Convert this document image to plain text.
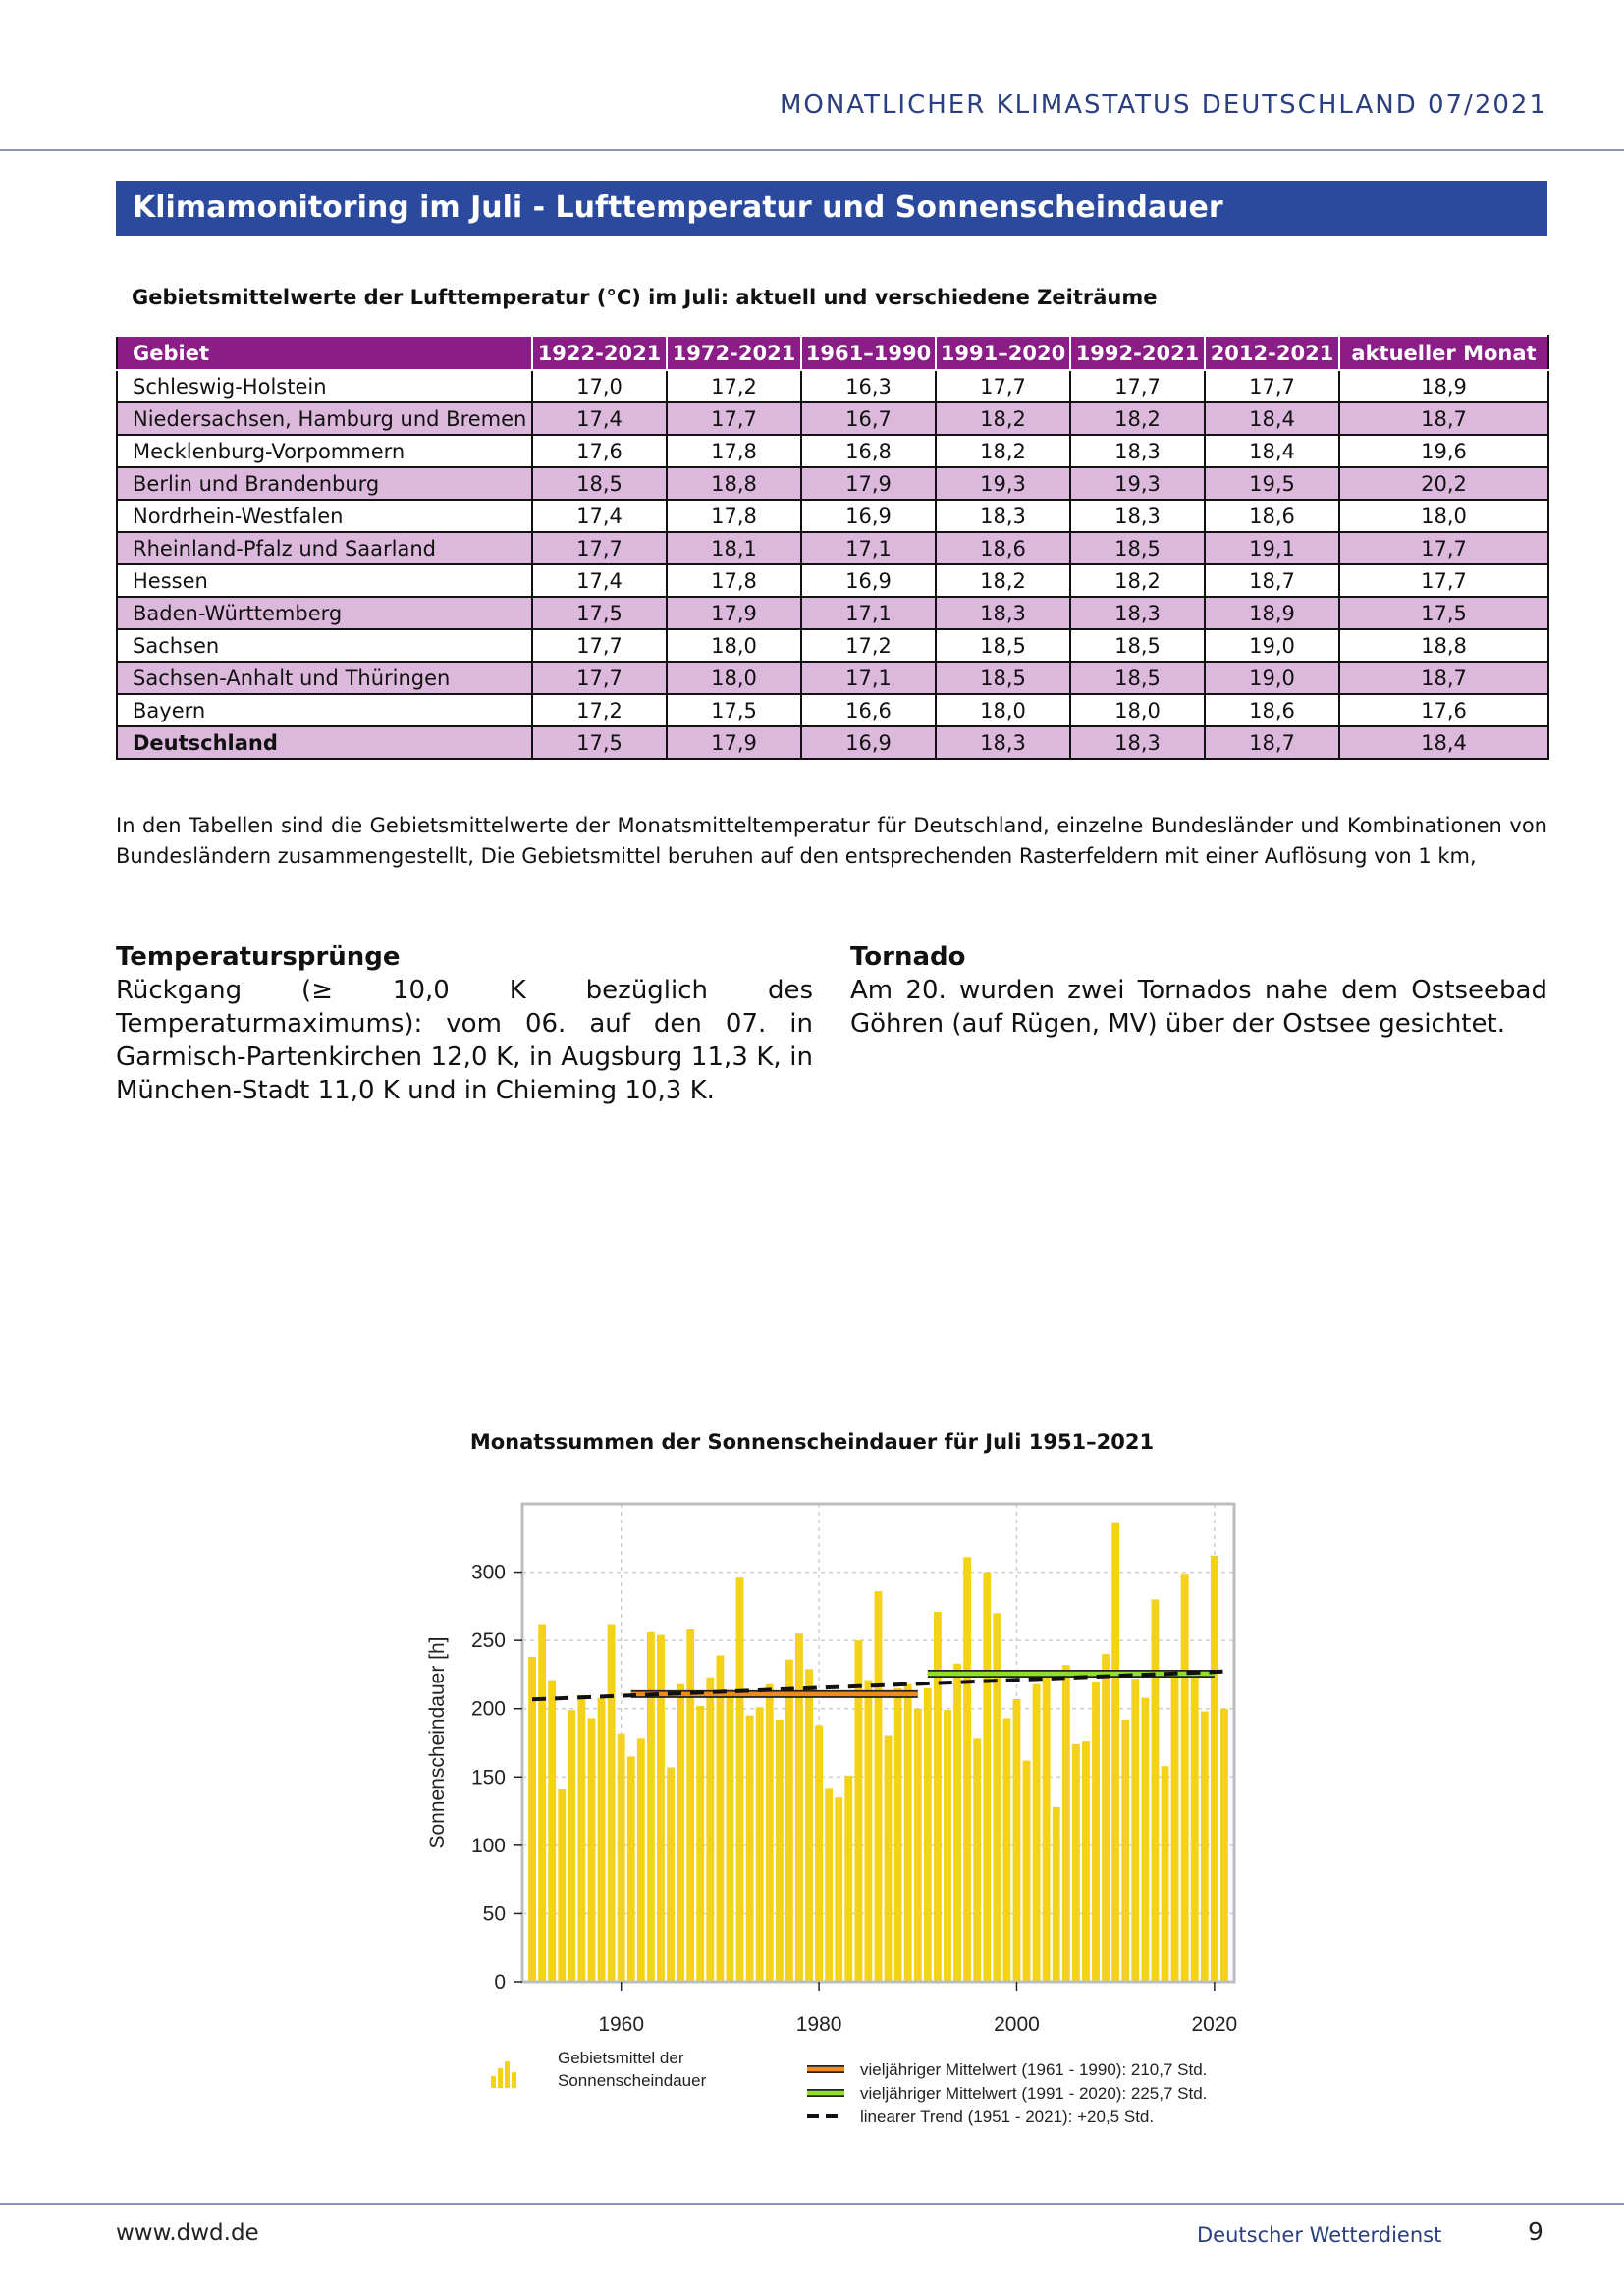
MONATLICHER KLIMASTATUS DEUTSCHLAND 07/2021
Klimamonitoring im Juli - Lufttemperatur und Sonnenscheindauer
Gebietsmittelwerte der Lufttemperatur (°C) im Juli: aktuell und verschiedene Zeiträume
Gebiet	1922-2021	1972-2021	1961–1990	1991–2020	1992-2021	2012-2021	aktueller Monat
Schleswig-Holstein	17,0	17,2	16,3	17,7	17,7	17,7	18,9
Niedersachsen, Hamburg und Bremen	17,4	17,7	16,7	18,2	18,2	18,4	18,7
Mecklenburg-Vorpommern	17,6	17,8	16,8	18,2	18,3	18,4	19,6
Berlin und Brandenburg	18,5	18,8	17,9	19,3	19,3	19,5	20,2
Nordrhein-Westfalen	17,4	17,8	16,9	18,3	18,3	18,6	18,0
Rheinland-Pfalz und Saarland	17,7	18,1	17,1	18,6	18,5	19,1	17,7
Hessen	17,4	17,8	16,9	18,2	18,2	18,7	17,7
Baden-Württemberg	17,5	17,9	17,1	18,3	18,3	18,9	17,5
Sachsen	17,7	18,0	17,2	18,5	18,5	19,0	18,8
Sachsen-Anhalt und Thüringen	17,7	18,0	17,1	18,5	18,5	19,0	18,7
Bayern	17,2	17,5	16,6	18,0	18,0	18,6	17,6
Deutschland	17,5	17,9	16,9	18,3	18,3	18,7	18,4
In den Tabellen sind die Gebietsmittelwerte der Monatsmitteltemperatur für Deutschland, einzelne Bundesländer und Kombinationen von Bundesländern zusammengestellt, Die Gebietsmittel beruhen auf den entsprechenden Rasterfeldern mit einer Auflösung von 1 km,
Temperatursprünge
Rückgang (≥ 10,0 K bezüglich des Temperaturmaximums): vom 06. auf den 07. in Garmisch-Partenkirchen 12,0 K, in Augsburg 11,3 K, in München-Stadt 11,0 K und in Chieming 10,3 K.
Tornado
Am 20. wurden zwei Tornados nahe dem Ostseebad Göhren (auf Rügen, MV) über der Ostsee gesichtet.
Monatssummen der Sonnenscheindauer für Juli 1951–2021
0
50
100
150
200
250
300
1960	1980	2000	2020
Sonnenscheindauer [h]
Gebietsmittel der
Sonnenscheindauer
vieljähriger Mittelwert (1961 - 1990): 210,7 Std.
vieljähriger Mittelwert (1991 - 2020): 225,7 Std.
linearer Trend (1951 - 2021): +20,5 Std.
www.dwd.de	Deutscher Wetterdienst	9
